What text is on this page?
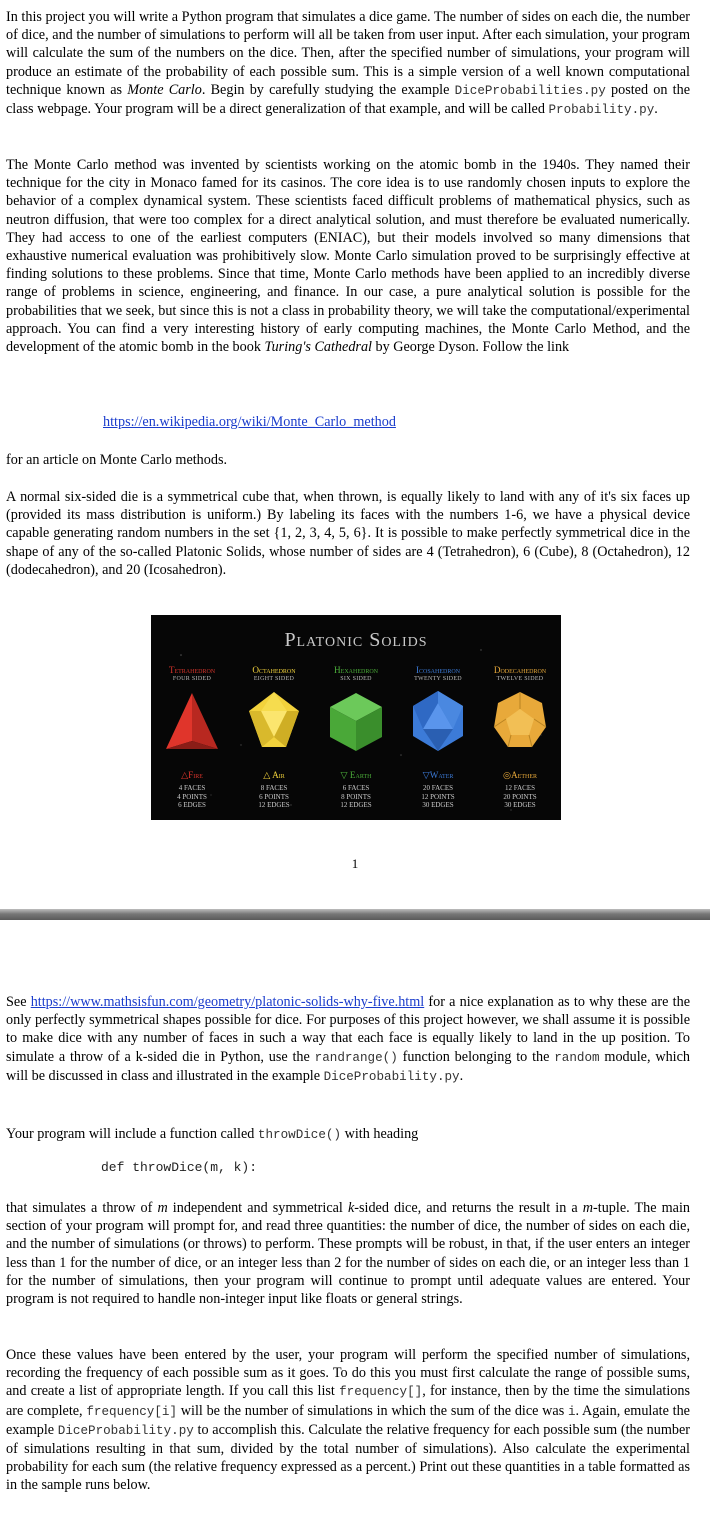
In this project you will write a Python program that simulates a dice game. The number of sides on each die, the number of dice, and the number of simulations to perform will all be taken from user input. After each simulation, your program will calculate the sum of the numbers on the dice. Then, after the specified number of simulations, your program will produce an estimate of the probability of each possible sum. This is a simple version of a well known computational technique known as Monte Carlo. Begin by carefully studying the example DiceProbabilities.py posted on the class webpage. Your program will be a direct generalization of that example, and will be called Probability.py.

The Monte Carlo method was invented by scientists working on the atomic bomb in the 1940s. They named their technique for the city in Monaco famed for its casinos. The core idea is to use randomly chosen inputs to explore the behavior of a complex dynamical system. These scientists faced difficult problems of mathematical physics, such as neutron diffusion, that were too complex for a direct analytical solution, and must therefore be evaluated numerically. They had access to one of the earliest computers (ENIAC), but their models involved so many dimensions that exhaustive numerical evaluation was prohibitively slow. Monte Carlo simulation proved to be surprisingly effective at finding solutions to these problems. Since that time, Monte Carlo methods have been applied to an incredibly diverse range of problems in science, engineering, and finance. In our case, a pure analytical solution is possible for the probabilities that we seek, but since this is not a class in probability theory, we will take the computational/experimental approach. You can find a very interesting history of early computing machines, the Monte Carlo Method, and the development of the atomic bomb in the book Turing's Cathedral by George Dyson. Follow the link

https://en.wikipedia.org/wiki/Monte_Carlo_method

for an article on Monte Carlo methods.

A normal six-sided die is a symmetrical cube that, when thrown, is equally likely to land with any of it's six faces up (provided its mass distribution is uniform.) By labeling its faces with the numbers 1-6, we have a physical device capable generating random numbers in the set {1, 2, 3, 4, 5, 6}. It is possible to make perfectly symmetrical dice in the shape of any of the so-called Platonic Solids, whose number of sides are 4 (Tetrahedron), 6 (Cube), 8 (Octahedron), 12 (dodecahedron), and 20 (Icosahedron).

Platonic Solids
Tetrahedron
FOUR SIDED
Octahedron
EIGHT SIDED
Hexahedron
SIX SIDED
Icosahedron
TWENTY SIDED
Dodecahedron
TWELVE SIDED
△Fire
4 FACES
4 POINTS
6 EDGES
△ Air
8 FACES
6 POINTS
12 EDGES
▽ Earth
6 FACES
8 POINTS
12 EDGES
▽Water
20 FACES
12 POINTS
30 EDGES
◎Aether
12 FACES
20 POINTS
30 EDGES
1

See https://www.mathsisfun.com/geometry/platonic-solids-why-five.html for a nice explanation as to why these are the only perfectly symmetrical shapes possible for dice. For purposes of this project however, we shall assume it is possible to make dice with any number of faces in such a way that each face is equally likely to land in the up position. To simulate a throw of a k-sided die in Python, use the randrange() function belonging to the random module, which will be discussed in class and illustrated in the example DiceProbability.py.

Your program will include a function called throwDice() with heading

def throwDice(m, k):

that simulates a throw of m independent and symmetrical k-sided dice, and returns the result in a m-tuple. The main section of your program will prompt for, and read three quantities: the number of dice, the number of sides on each die, and the number of simulations (or throws) to perform. These prompts will be robust, in that, if the user enters an integer less than 1 for the number of dice, or an integer less than 2 for the number of sides on each die, or an integer less than 1 for the number of simulations, then your program will continue to prompt until adequate values are entered. Your program is not required to handle non-integer input like floats or general strings.

Once these values have been entered by the user, your program will perform the specified number of simulations, recording the frequency of each possible sum as it goes. To do this you must first calculate the range of possible sums, and create a list of appropriate length. If you call this list frequency[], for instance, then by the time the simulations are complete, frequency[i] will be the number of simulations in which the sum of the dice was i. Again, emulate the example DiceProbability.py to accomplish this. Calculate the relative frequency for each possible sum (the number of simulations resulting in that sum, divided by the total number of simulations). Also calculate the experimental probability for each sum (the relative frequency expressed as a percent.) Print out these quantities in a table formatted as in the sample runs below.
